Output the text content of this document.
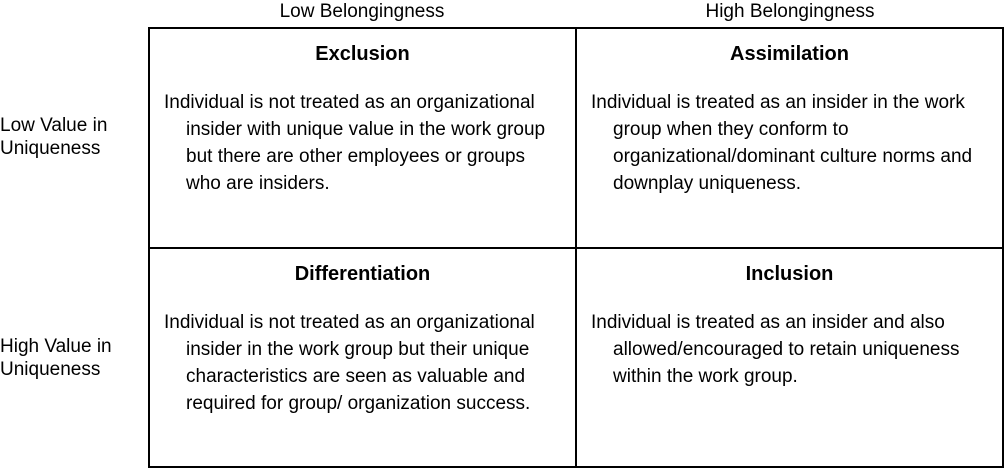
Low Belongingness	High Belongingness
Low Value in
Uniqueness
High Value in
Uniqueness
Exclusion
Individual is not treated as an organizational insider with unique value in the work group but there are other employees or groups who are insiders.
Assimilation
Individual is treated as an insider in the work group when they conform to organizational/dominant culture norms and downplay uniqueness.
Differentiation
Individual is not treated as an organizational insider in the work group but their unique characteristics are seen as valuable and required for group/ organization success.
Inclusion
Individual is treated as an insider and also allowed/encouraged to retain uniqueness within the work group.
